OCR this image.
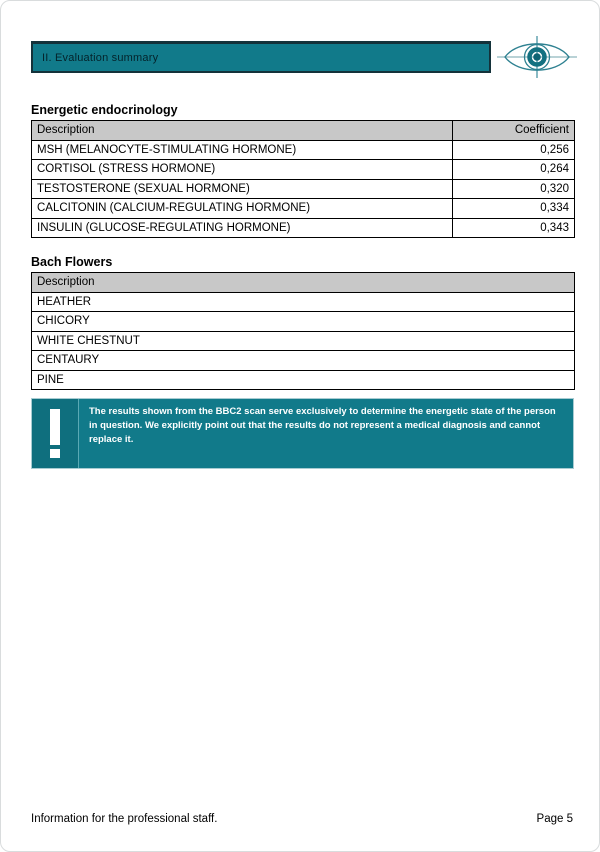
II. Evaluation summary
Energetic endocrinology
Description	Coefficient
MSH (MELANOCYTE-STIMULATING HORMONE)	0,256
CORTISOL (STRESS HORMONE)	0,264
TESTOSTERONE (SEXUAL HORMONE)	0,320
CALCITONIN (CALCIUM-REGULATING HORMONE)	0,334
INSULIN (GLUCOSE-REGULATING HORMONE)	0,343
Bach Flowers
Description
HEATHER
CHICORY
WHITE CHESTNUT
CENTAURY
PINE
The results shown from the BBC2 scan serve exclusively to determine the energetic state of the person in question. We explicitly point out that the results do not represent a medical diagnosis and cannot replace it.
Information for the professional staff.	Page 5
